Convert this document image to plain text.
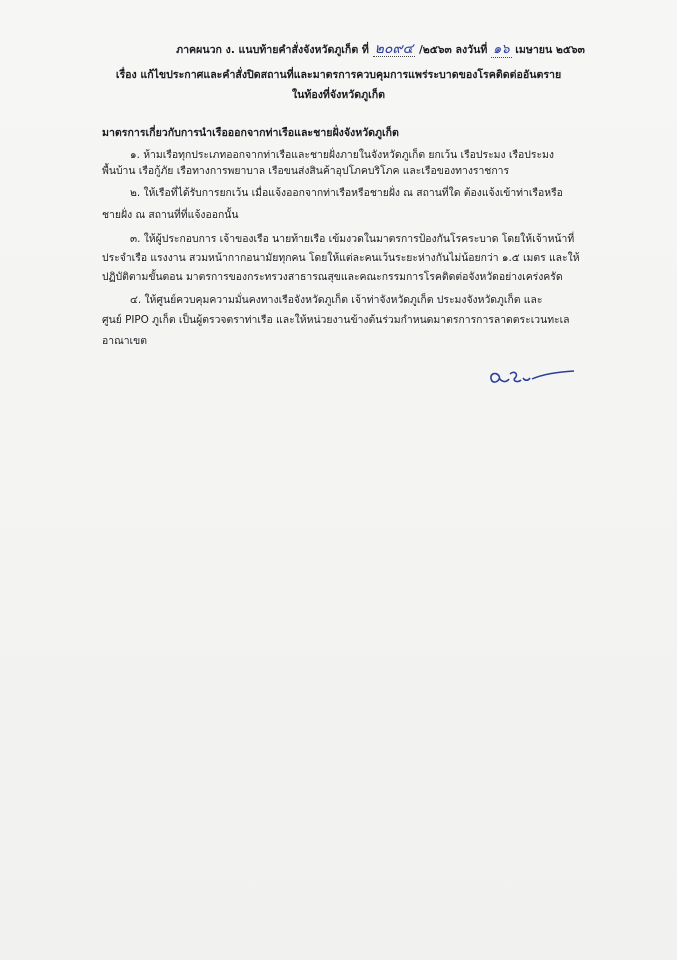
ภาคผนวก ง. แนบท้ายคำสั่งจังหวัดภูเก็ต ที่ ๒๐๙๔ /๒๕๖๓ ลงวันที่ ๑๖ เมษายน ๒๕๖๓
เรื่อง แก้ไขประกาศและคำสั่งปิดสถานที่และมาตรการควบคุมการแพร่ระบาดของโรคติดต่ออันตราย
ในท้องที่จังหวัดภูเก็ต
มาตรการเกี่ยวกับการนำเรือออกจากท่าเรือและชายฝั่งจังหวัดภูเก็ต
๑. ห้ามเรือทุกประเภทออกจากท่าเรือและชายฝั่งภายในจังหวัดภูเก็ต ยกเว้น เรือประมง เรือประมง
พื้นบ้าน เรือกู้ภัย เรือทางการพยาบาล เรือขนส่งสินค้าอุปโภคบริโภค และเรือของทางราชการ
๒. ให้เรือที่ได้รับการยกเว้น เมื่อแจ้งออกจากท่าเรือหรือชายฝั่ง ณ สถานที่ใด ต้องแจ้งเข้าท่าเรือหรือ
ชายฝั่ง ณ สถานที่ที่แจ้งออกนั้น
๓. ให้ผู้ประกอบการ เจ้าของเรือ นายท้ายเรือ เข้มงวดในมาตรการป้องกันโรคระบาด โดยให้เจ้าหน้าที่
ประจำเรือ แรงงาน สวมหน้ากากอนามัยทุกคน โดยให้แต่ละคนเว้นระยะห่างกันไม่น้อยกว่า ๑.๕ เมตร และให้
ปฏิบัติตามขั้นตอน มาตรการของกระทรวงสาธารณสุขและคณะกรรมการโรคติดต่อจังหวัดอย่างเคร่งครัด
๔. ให้ศูนย์ควบคุมความมั่นคงทางเรือจังหวัดภูเก็ต เจ้าท่าจังหวัดภูเก็ต ประมงจังหวัดภูเก็ต และ
ศูนย์ PIPO ภูเก็ต เป็นผู้ตรวจตราท่าเรือ และให้หน่วยงานข้างต้นร่วมกำหนดมาตรการการลาดตระเวนทะเล
อาณาเขต
